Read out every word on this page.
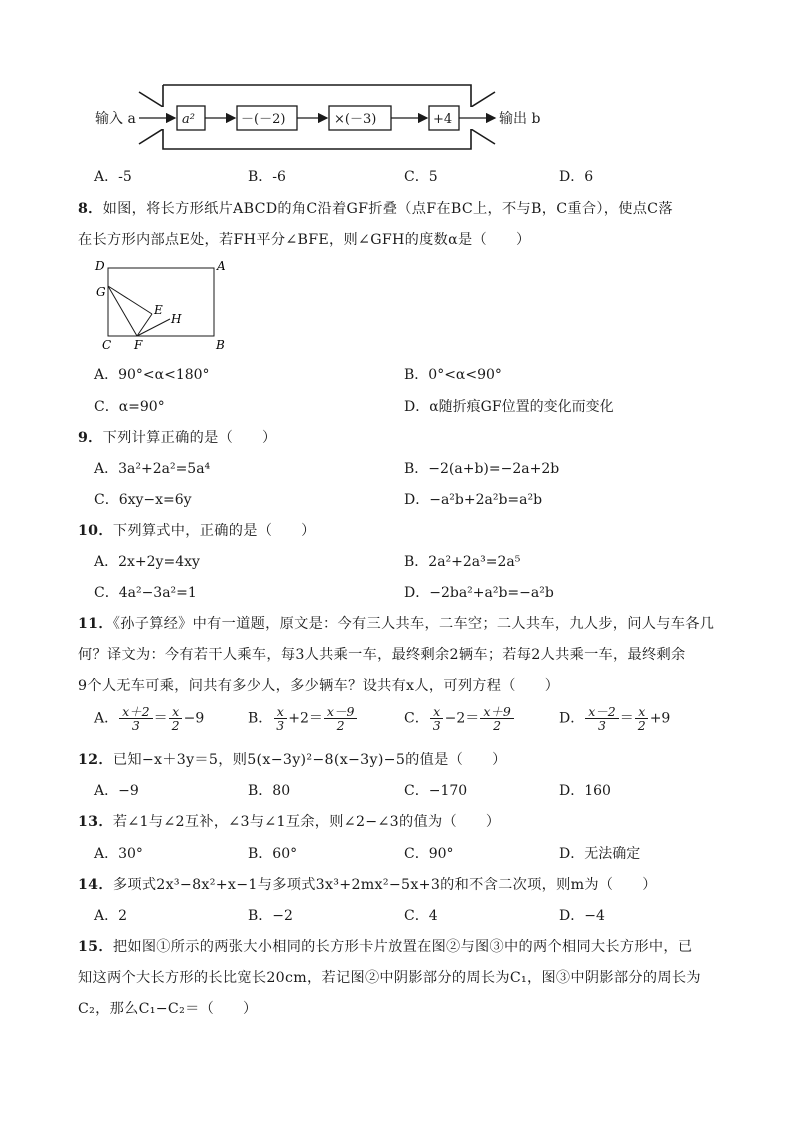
输入 a	a²	－(－2)	×(－3)	+4	输出 b
A．-5	B．-6	C．5	D．6
8．如图，将长方形纸片ABCD的角C沿着GF折叠（点F在BC上，不与B，C重合），使点C落
在长方形内部点E处，若FH平分∠BFE，则∠GFH的度数α是（　　）
D	A
G
E
H
C F	B
A．90°<α<180°	B．0°<α<90°
C．α=90°	D．α随折痕GF位置的变化而变化
9．下列计算正确的是（　　）
A．3a²+2a²=5a⁴	B．−2(a+b)=−2a+2b
C．6xy−x=6y	D．−a²b+2a²b=a²b
10．下列算式中，正确的是（　　）
A．2x+2y=4xy	B．2a²+2a³=2a⁵
C．4a²−3a²=1	D．−2ba²+a²b=−a²b
11．《孙子算经》中有一道题，原文是：今有三人共车，二车空；二人共车，九人步，问人与车各几
何？译文为：今有若干人乘车，每3人共乘一车，最终剩余2辆车；若每2人共乘一车，最终剩余
9个人无车可乘，问共有多少人，多少辆车？设共有x人，可列方程（　　）
A． $\frac{x+2}{3} = \frac{x}{2} -9$	B． $\frac{x}{3} +2= \frac{x-9}{2}$	C． $\frac{x}{3} -2= \frac{x+9}{2}$	D． $\frac{x-2}{3} = \frac{x}{2} +9$
12．已知−x＋3y＝5，则5(x−3y)²−8(x−3y)−5的值是（　　）
A．−9	B．80	C．−170	D．160
13．若∠1与∠2互补，∠3与∠1互余，则∠2−∠3的值为（　　）
A．30°	B．60°	C．90°	D．无法确定
14．多项式2x³−8x²+x−1与多项式3x³+2mx²−5x+3的和不含二次项，则m为（　　）
A．2	B．−2	C．4	D．−4
15．把如图①所示的两张大小相同的长方形卡片放置在图②与图③中的两个相同大长方形中，已
知这两个大长方形的长比宽长20cm，若记图②中阴影部分的周长为C₁，图③中阴影部分的周长为
C₂，那么C₁−C₂＝（　　）
